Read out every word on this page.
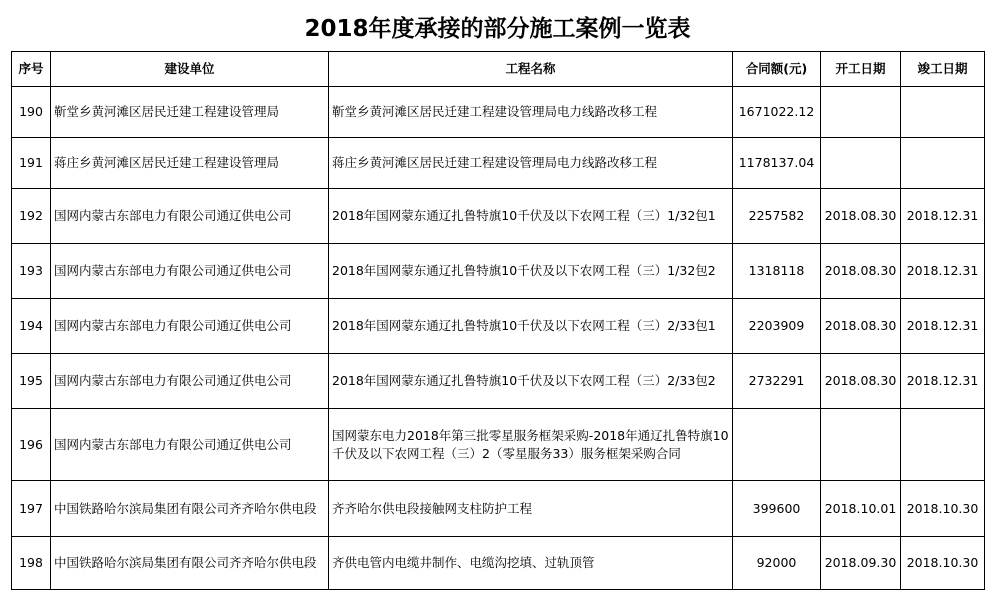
2018年度承接的部分施工案例一览表
序号	建设单位	工程名称	合同额(元)	开工日期	竣工日期
190	靳堂乡黄河滩区居民迁建工程建设管理局	靳堂乡黄河滩区居民迁建工程建设管理局电力线路改移工程	1671022.12		
191	蒋庄乡黄河滩区居民迁建工程建设管理局	蒋庄乡黄河滩区居民迁建工程建设管理局电力线路改移工程	1178137.04		
192	国网内蒙古东部电力有限公司通辽供电公司	2018年国网蒙东通辽扎鲁特旗10千伏及以下农网工程（三）1/32包1	2257582	2018.08.30	2018.12.31
193	国网内蒙古东部电力有限公司通辽供电公司	2018年国网蒙东通辽扎鲁特旗10千伏及以下农网工程（三）1/32包2	1318118	2018.08.30	2018.12.31
194	国网内蒙古东部电力有限公司通辽供电公司	2018年国网蒙东通辽扎鲁特旗10千伏及以下农网工程（三）2/33包1	2203909	2018.08.30	2018.12.31
195	国网内蒙古东部电力有限公司通辽供电公司	2018年国网蒙东通辽扎鲁特旗10千伏及以下农网工程（三）2/33包2	2732291	2018.08.30	2018.12.31
196	国网内蒙古东部电力有限公司通辽供电公司	国网蒙东电力2018年第三批零星服务框架采购-2018年通辽扎鲁特旗10千伏及以下农网工程（三）2（零星服务33）服务框架采购合同			
197	中国铁路哈尔滨局集团有限公司齐齐哈尔供电段	齐齐哈尔供电段接触网支柱防护工程	399600	2018.10.01	2018.10.30
198	中国铁路哈尔滨局集团有限公司齐齐哈尔供电段	齐供电管内电缆井制作、电缆沟挖填、过轨顶管	92000	2018.09.30	2018.10.30
